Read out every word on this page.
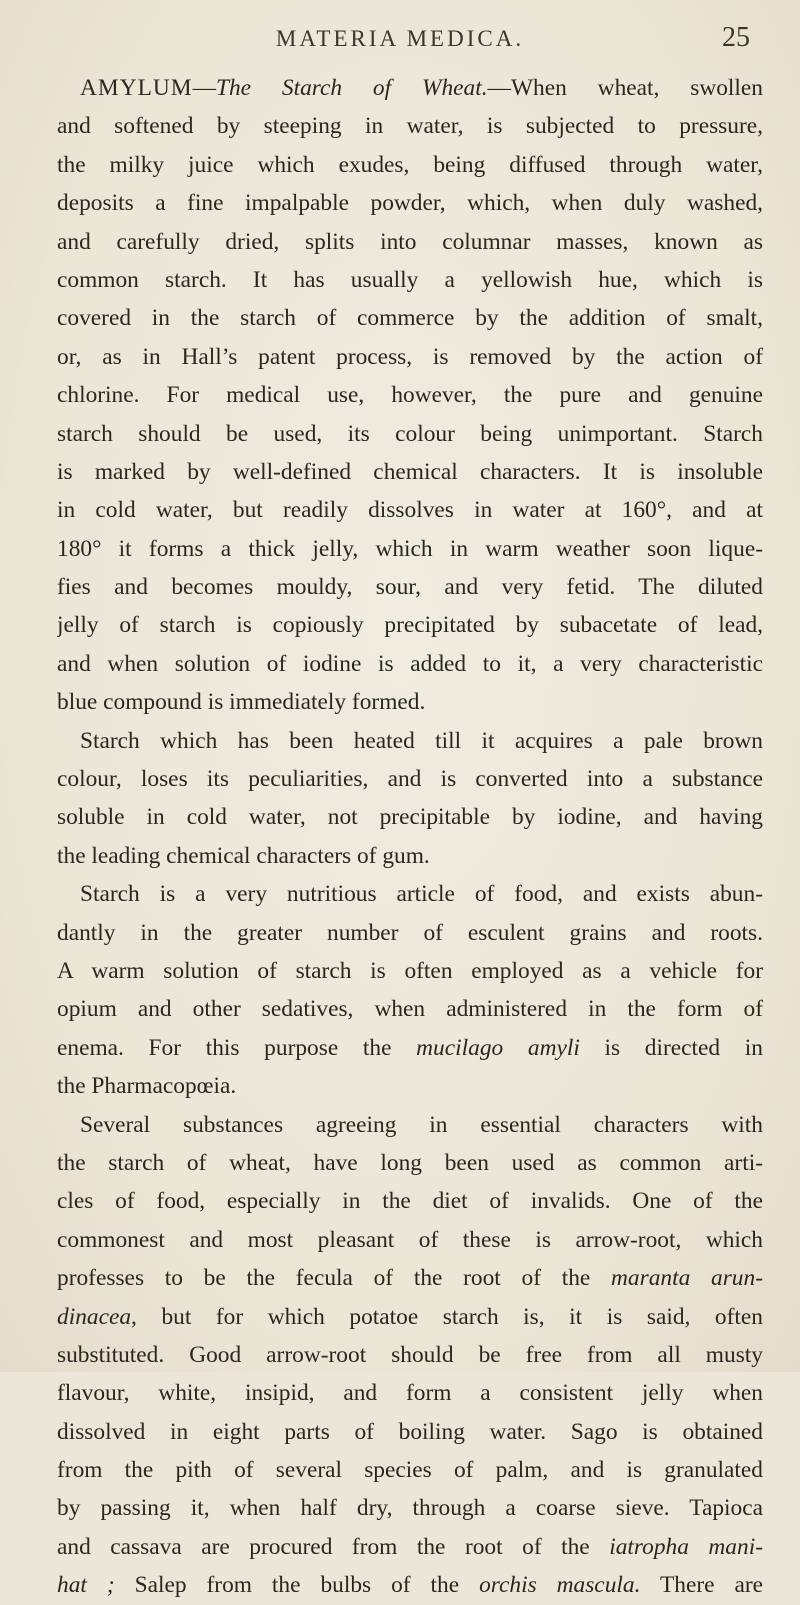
MATERIA MEDICA.	25
AMYLUM—The Starch of Wheat.—When wheat, swollen
and softened by steeping in water, is subjected to pressure,
the milky juice which exudes, being diffused through water,
deposits a fine impalpable powder, which, when duly washed,
and carefully dried, splits into columnar masses, known as
common starch. It has usually a yellowish hue, which is
covered in the starch of commerce by the addition of smalt,
or, as in Hall’s patent process, is removed by the action of
chlorine. For medical use, however, the pure and genuine
starch should be used, its colour being unimportant. Starch
is marked by well-defined chemical characters. It is insoluble
in cold water, but readily dissolves in water at 160°, and at
180° it forms a thick jelly, which in warm weather soon lique-
fies and becomes mouldy, sour, and very fetid. The diluted
jelly of starch is copiously precipitated by subacetate of lead,
and when solution of iodine is added to it, a very characteristic
blue compound is immediately formed.
Starch which has been heated till it acquires a pale brown
colour, loses its peculiarities, and is converted into a substance
soluble in cold water, not precipitable by iodine, and having
the leading chemical characters of gum.
Starch is a very nutritious article of food, and exists abun-
dantly in the greater number of esculent grains and roots.
A warm solution of starch is often employed as a vehicle for
opium and other sedatives, when administered in the form of
enema. For this purpose the mucilago amyli is directed in
the Pharmacopœia.
Several substances agreeing in essential characters with
the starch of wheat, have long been used as common arti-
cles of food, especially in the diet of invalids. One of the
commonest and most pleasant of these is arrow-root, which
professes to be the fecula of the root of the maranta arun-
dinacea, but for which potatoe starch is, it is said, often
substituted. Good arrow-root should be free from all musty
flavour, white, insipid, and form a consistent jelly when
dissolved in eight parts of boiling water. Sago is obtained
from the pith of several species of palm, and is granulated
by passing it, when half dry, through a coarse sieve. Tapioca
and cassava are procured from the root of the iatropha mani-
hat ; Salep from the bulbs of the orchis mascula. There are
